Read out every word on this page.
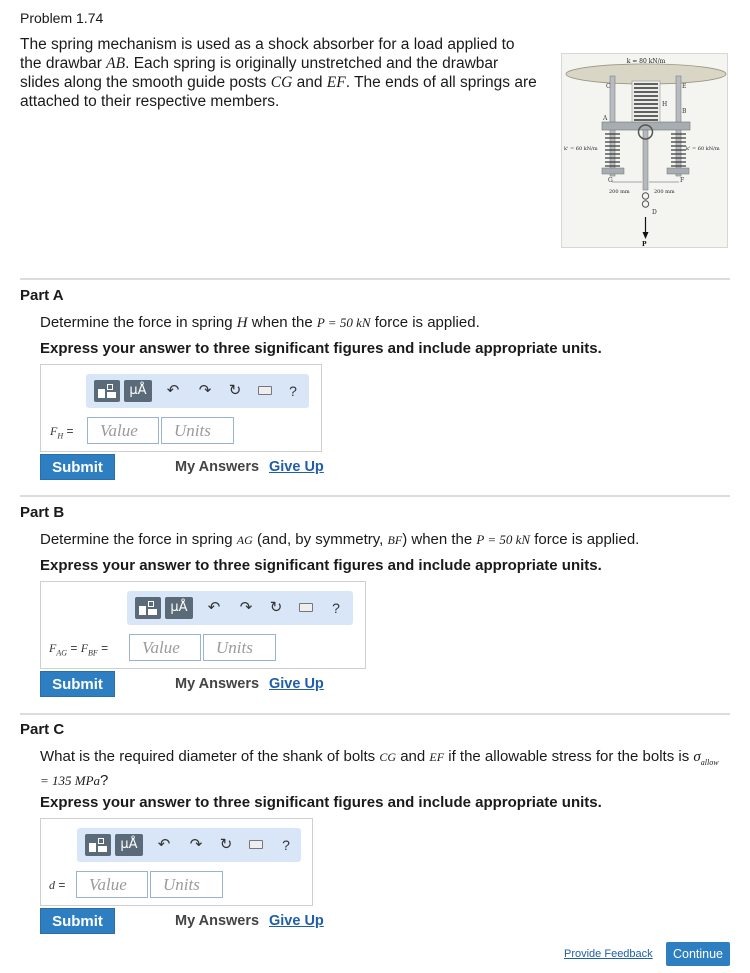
Problem 1.74
The spring mechanism is used as a shock absorber for a load applied to the drawbar AB. Each spring is originally unstretched and the drawbar slides along the smooth guide posts CG and EF. The ends of all springs are attached to their respective members.
k = 80 kN/m
C	E
H
A
B
k' = 60 kN/m	k' = 60 kN/m
G	F
200 mm	200 mm
D
P
Part A
Determine the force in spring H when the P = 50 kN force is applied.
Express your answer to three significant figures and include appropriate units.
μÅ	↶ ↷ ↻	?
$F_H$ =	Value	Units
Submit	My Answers Give Up
Part B
Determine the force in spring AG (and, by symmetry, BF) when the P = 50 kN force is applied.
Express your answer to three significant figures and include appropriate units.
μÅ	↶ ↷ ↻	?
$F_{AG} = F_{BF}$ =	Value	Units
Submit	My Answers Give Up
Part C
What is the required diameter of the shank of bolts CG and EF if the allowable stress for the bolts is $\sigma_{allow} = 135$ MPa?
Express your answer to three significant figures and include appropriate units.
μÅ	↶ ↷ ↻	?
d =	Value	Units
Submit	My Answers Give Up
Provide Feedback	Continue
